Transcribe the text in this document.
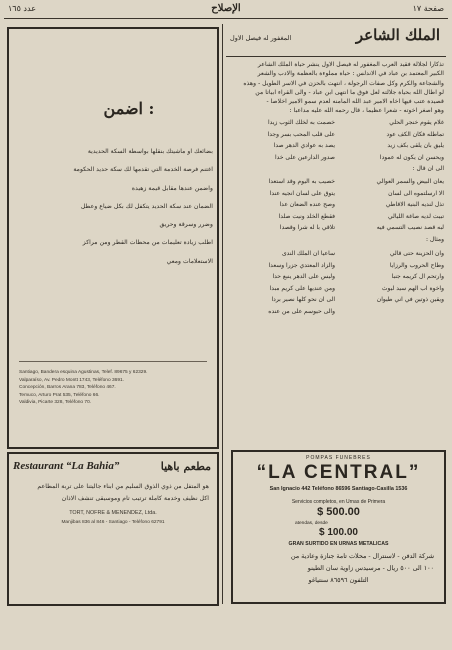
عدد ١٦٥	الإصلاح	صفحة ١٧
اضمن :

بضائعك او ماشيتك بنقلها بواسطة السكة الحديدية

اغتنم فرصة الخدمة التي تقدمها لك سكة حديد الحكومة

واضمن عندها مقابل قيمة زهيدة

الضمان عند سكة الحديد يتكفل لك بكل ضياع وعطل

وضرر وسرقة وحريق

اطلب زيادة تعليمات من محطات القطر ومن مراكز

الاستعلامات ومعي

Santiago, Bandera esquina Agustinas, Telef. 89675 y 62329.
Valparaíso, Av. Pedro Montt 1743, Teléfono 3691.
Concepción, Barros Arana 783, Teléfono 467.
Temuco, Arturo Prat 535, Teléfono 66.
Valdivia, Picarte 328, Teléfono 70.
Restaurant “La Bahia”	مطعم باهيا
هو المتفل من ذوي الذوق السليم من ابناء جاليتنا على تربة المطاعم
اكل نظيف وخدمة كاملة ترتيب تام وموسيقى تنشف الاذان
TORT, NOFRE & MENENDEZ, Ltda.
Manjibas 836 al 846 - Santiago - Teléfono 62791
الملك الشاعر
المغفور له فيصل الاول
تذكارا لجلالة فقيد العرب المغفور له فيصل الاول ينشر حياة الملك الشاعر
الكبير المعتمد بن عباد في الاندلس : حياة مملوءة بالعظمة والادب والشعر
والشجاعة والكرم وكل صفات الرجولة ، انتهت بالحزن في الاسر الطويل - وهذه
لو اطال الله بحياة جلالته لعل فوق ما انتهى ابن عباد - والى القراء ابياتا من
قصيدة عتب فيها اخاه الامير عبد الله المامنه لعدم سمو الامير اخلاصا -
وهو اصغر اخوته - شعرا عظيما ، قال رحمه الله عليه مداعبا :
غلام يقوم خنجر الحلي
خصمت به لخلك الثوب زيدا
تماطله فكان الكف عود
على قلب المحب بسر وجدا
يليق بان يلقى بكف زيد
يصد به عوادي الدهر صدا
ويحسن ان يكون له عمودا
صدور الدارعين على خدا
الى ان قال :
يعان البيض والسمر العوالي
خصيب به اليوم وقد استعدا
الا ارسلتموه الى لسان
يتوق على لسان انجيه عندا
تذل لنديه البنية الاقاطي
وصح عنده الضعان عدا
تبيت لديه صاغة الليالي
فقطع الخلد ونيت صلدا
لبه قصد نصيب التسمي فيه
تلاقي با له شرا وقصدا
ومثال :
وان الحزينة حتى قالي
ساعيا ان الملك الندى
وطاح الحروب والرزايا
والزاد المعتدي جزرا وسعدا
وارتحم ال كريمه جنبا
وليس على الدهر ينبع حدا
واخوة اب الهم سيد ليوث
ومن عنديها على كريم مبدا
ويقين ذوتين في اني طيوان
الى ان نحو كلها نصير بردا
والى حيوسم على من عنده
POMPAS FUNEBRES
“LA CENTRAL”
San Ignacio 442 Teléfono 86596 Santiago-Casilla 1536
Servicios completos, en Urnas de Primera
$ 500.00
atendas, desde
$ 100.00
GRAN SURTIDO EN URNAS METALICAS
شركة الدفن - لاسنترال - محلات تامة جنازة وعادية من
١٠٠ الى ٥٠٠ ريال - مرسيدس زاوية سان الطينو
التلفون ٨٦٥٩٦ سنتياغو
